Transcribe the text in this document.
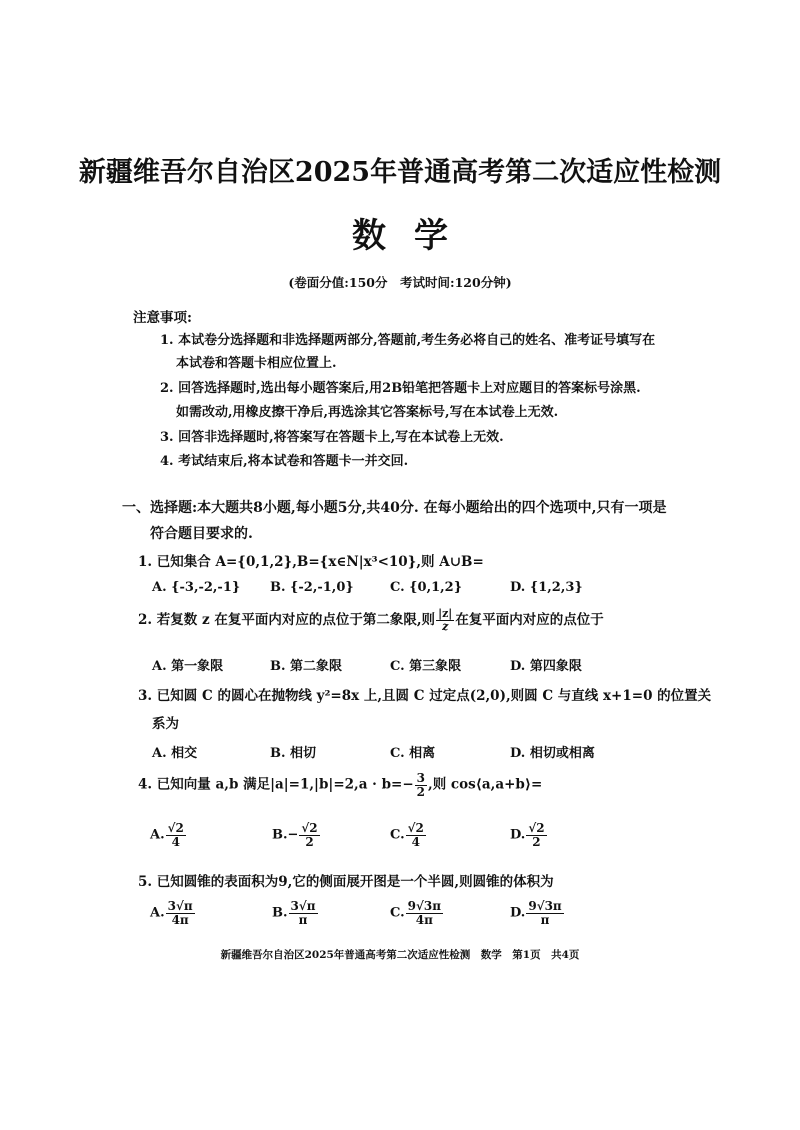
新疆维吾尔自治区2025年普通高考第二次适应性检测
数学
(卷面分值:150分　考试时间:120分钟)
注意事项:
1. 本试卷分选择题和非选择题两部分,答题前,考生务必将自己的姓名、准考证号填写在
本试卷和答题卡相应位置上.
2. 回答选择题时,选出每小题答案后,用2B铅笔把答题卡上对应题目的答案标号涂黑.
如需改动,用橡皮擦干净后,再选涂其它答案标号,写在本试卷上无效.
3. 回答非选择题时,将答案写在答题卡上,写在本试卷上无效.
4. 考试结束后,将本试卷和答题卡一并交回.
一、选择题:本大题共8小题,每小题5分,共40分. 在每小题给出的四个选项中,只有一项是
符合题目要求的.
1. 已知集合 A={0,1,2},B={x∈N|x³<10},则 A∪B=
A. {-3,-2,-1} B. {-2,-1,0}	C. {0,1,2}	D. {1,2,3}
2. 若复数 z 在复平面内对应的点位于第二象限,则 $\frac{|z|}{z}$ 在复平面内对应的点位于
A. 第一象限	B. 第二象限	C. 第三象限	D. 第四象限
3. 已知圆 C 的圆心在抛物线 y²=8x 上,且圆 C 过定点(2,0),则圆 C 与直线 x+1=0 的位置关
系为
A. 相交	B. 相切	C. 相离	D. 相切或相离
4. 已知向量 a,b 满足$|a|=1,|b|=2,a \cdot b=- \frac{3}{2}$ ,则 cos⟨a,a+b⟩=
A. $\frac{√2}{4}$	$B.- \frac{√2}{2}$	C. $\frac{√2}{4}$	D. $\frac{√2}{2}$
5. 已知圆锥的表面积为9,它的侧面展开图是一个半圆,则圆锥的体积为
A. $\frac{3√\pi}{4\pi}$	B. $\frac{3√\pi}{\pi}$	C. $\frac{9√3\pi}{4\pi}$	D. $\frac{9√3\pi}{\pi}$
新疆维吾尔自治区2025年普通高考第二次适应性检测　数学　第1页　共4页
